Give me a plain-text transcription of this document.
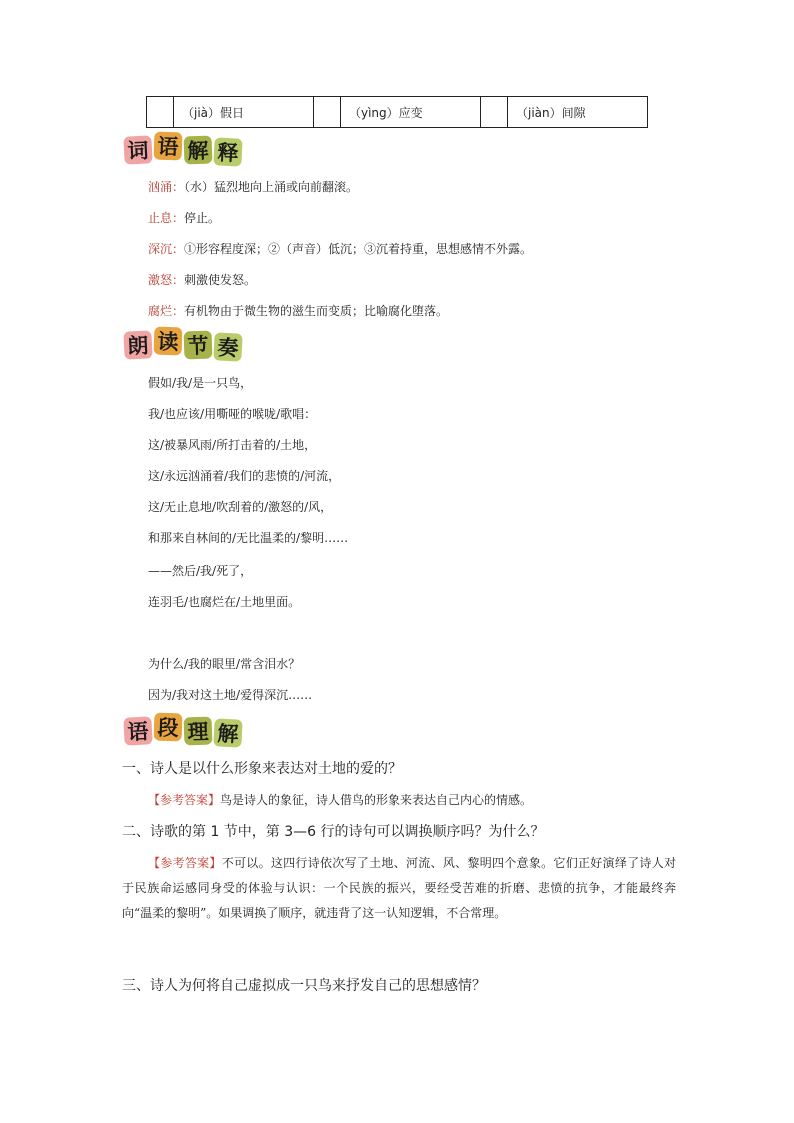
	（jià）假日		（yìng）应变		（jiàn）间隙
词 语 解 释
汹涌：（水）猛烈地向上涌或向前翻滚。
止息：停止。
深沉：①形容程度深；②（声音）低沉；③沉着持重，思想感情不外露。
激怒：刺激使发怒。
腐烂：有机物由于微生物的滋生而变质；比喻腐化堕落。
朗 读 节 奏
假如/我/是一只鸟，
我/也应该/用嘶哑的喉咙/歌唱：
这/被暴风雨/所打击着的/土地，
这/永远汹涌着/我们的悲愤的/河流，
这/无止息地/吹刮着的/激怒的/风，
和那来自林间的/无比温柔的/黎明……
——然后/我/死了，
连羽毛/也腐烂在/土地里面。
为什么/我的眼里/常含泪水？
因为/我对这土地/爱得深沉……
语 段 理 解
一、诗人是以什么形象来表达对土地的爱的？
【参考答案】鸟是诗人的象征，诗人借鸟的形象来表达自己内心的情感。
二、诗歌的第 1 节中，第 3—6 行的诗句可以调换顺序吗？为什么？
【参考答案】不可以。这四行诗依次写了土地、河流、风、黎明四个意象。它们正好演绎了诗人对于民族命运感同身受的体验与认识：一个民族的振兴，要经受苦难的折磨、悲愤的抗争，才能最终奔向“温柔的黎明”。如果调换了顺序，就违背了这一认知逻辑，不合常理。
三、诗人为何将自己虚拟成一只鸟来抒发自己的思想感情？
